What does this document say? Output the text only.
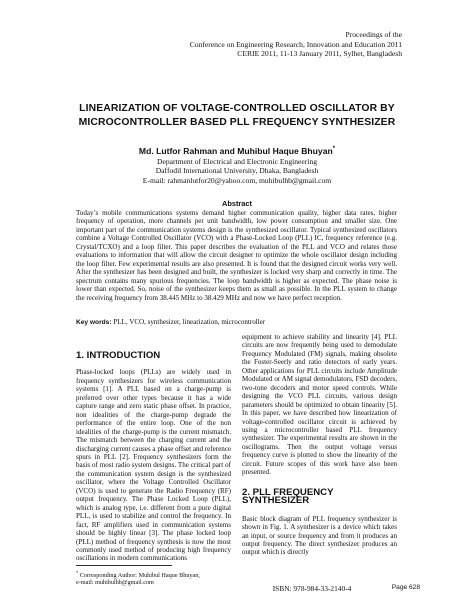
Proceedings of the
Conference on Engineering Research, Innovation and Education 2011
CERIE 2011, 11-13 January 2011, Sylhet, Bangladesh
LINEARIZATION OF VOLTAGE-CONTROLLED OSCILLATOR BY
MICROCONTROLLER BASED PLL FREQUENCY SYNTHESIZER
Md. Lutfor Rahman and Muhibul Haque Bhuyan*
Department of Electrical and Electronic Engineering
Daffodil International University, Dhaka, Bangladesh
E-mail: rahmanlutfor20@yahoo.com, muhibulhb@gmail.com
Abstract
Today’s mobile communications systems demand higher communication quality, higher data rates, higher frequency of operation, more channels per unit bandwidth, low power consumption and smaller size. One important part of the communication systems design is the synthesized oscillator. Typical synthesized oscillators combine a Voltage Controlled Oscillator (VCO) with a Phase-Locked Loop (PLL) IC, frequency reference (e.g. Crystal/TCXO) and a loop filter. This paper describes the evaluation of the PLL and VCO and relates those evaluations to information that will allow the circuit designer to optimize the whole oscillator design including the loop filter. Few experimental results are also presented. It is found that the designed circuit works very well. After the synthesizer has been designed and built, the synthesizer is locked very sharp and correctly in time. The spectrum contains many spurious frequencies. The loop bandwidth is higher as expected. The phase noise is lower than expected. So, noise of the synthesizer keeps them as small as possible. In the PLL system to change the receiving frequency from 38.445 MHz to 38.429 MHz and now we have perfect reception.
Key words: PLL, VCO, synthesizer, linearization, microcontroller
1. INTRODUCTION

Phase-locked loops (PLLs) are widely used in frequency synthesizers for wireless communication systems [1]. A PLL based on a charge-pump is preferred over other types because it has a wide capture range and zero static phase offset. In practice, non idealities of the charge-pump degrade the performance of the entire loop. One of the non idealities of the charge-pump is the current mismatch. The mismatch between the charging current and the discharging current causes a phase offset and reference spurs in PLL [2]. Frequency synthesizers form the basis of most radio system designs. The critical part of the communication system design is the synthesized oscillator, where the Voltage Controlled Oscillator (VCO) is used to generate the Radio Frequency (RF) output frequency. The Phase Locked Loop (PLL), which is analog type, i.e. different from a pure digital PLL, is used to stabilize and control the frequency. In fact, RF amplifiers used in communication systems should be highly linear [3]. The phase locked loop (PLL) method of frequency synthesis is now the most commonly used method of producing high frequency oscillations in modern communications

equipment to achieve stability and linearity [4]. PLL circuits are now frequently being used to demodulate Frequency Modulated (FM) signals, making obsolete the Foster-Seerly and ratio detectors of early years. Other applications for PLL circuits include Amplitude Modulated or AM signal demodulators, FSD decoders, two-tone decoders and motor speed controls. While designing the VCO PLL circuits, various design parameters should be optimized to obtain linearity [5]. In this paper, we have described how linearization of voltage-controlled oscillator circuit is achieved by using a microcontroller based PLL frequency synthesizer. The experimental results are shown in the oscillograms. Then the output voltage versus frequency curve is plotted to show the linearity of the circuit. Future scopes of this work have also been presented.

2. PLL FREQUENCY SYNTHESIZER

Basic block diagram of PLL frequency synthesizer is shown in Fig. 1. A synthesizer is a device which takes an input, or source frequency and from it produces an output frequency. The direct synthesizer produces an output which is directly

* Corresponding Author: Muhibul Haque Bhuyan,
e-mail: muhibulhb@gmail.com
ISBN: 978-984-33-2140-4	Page 628
